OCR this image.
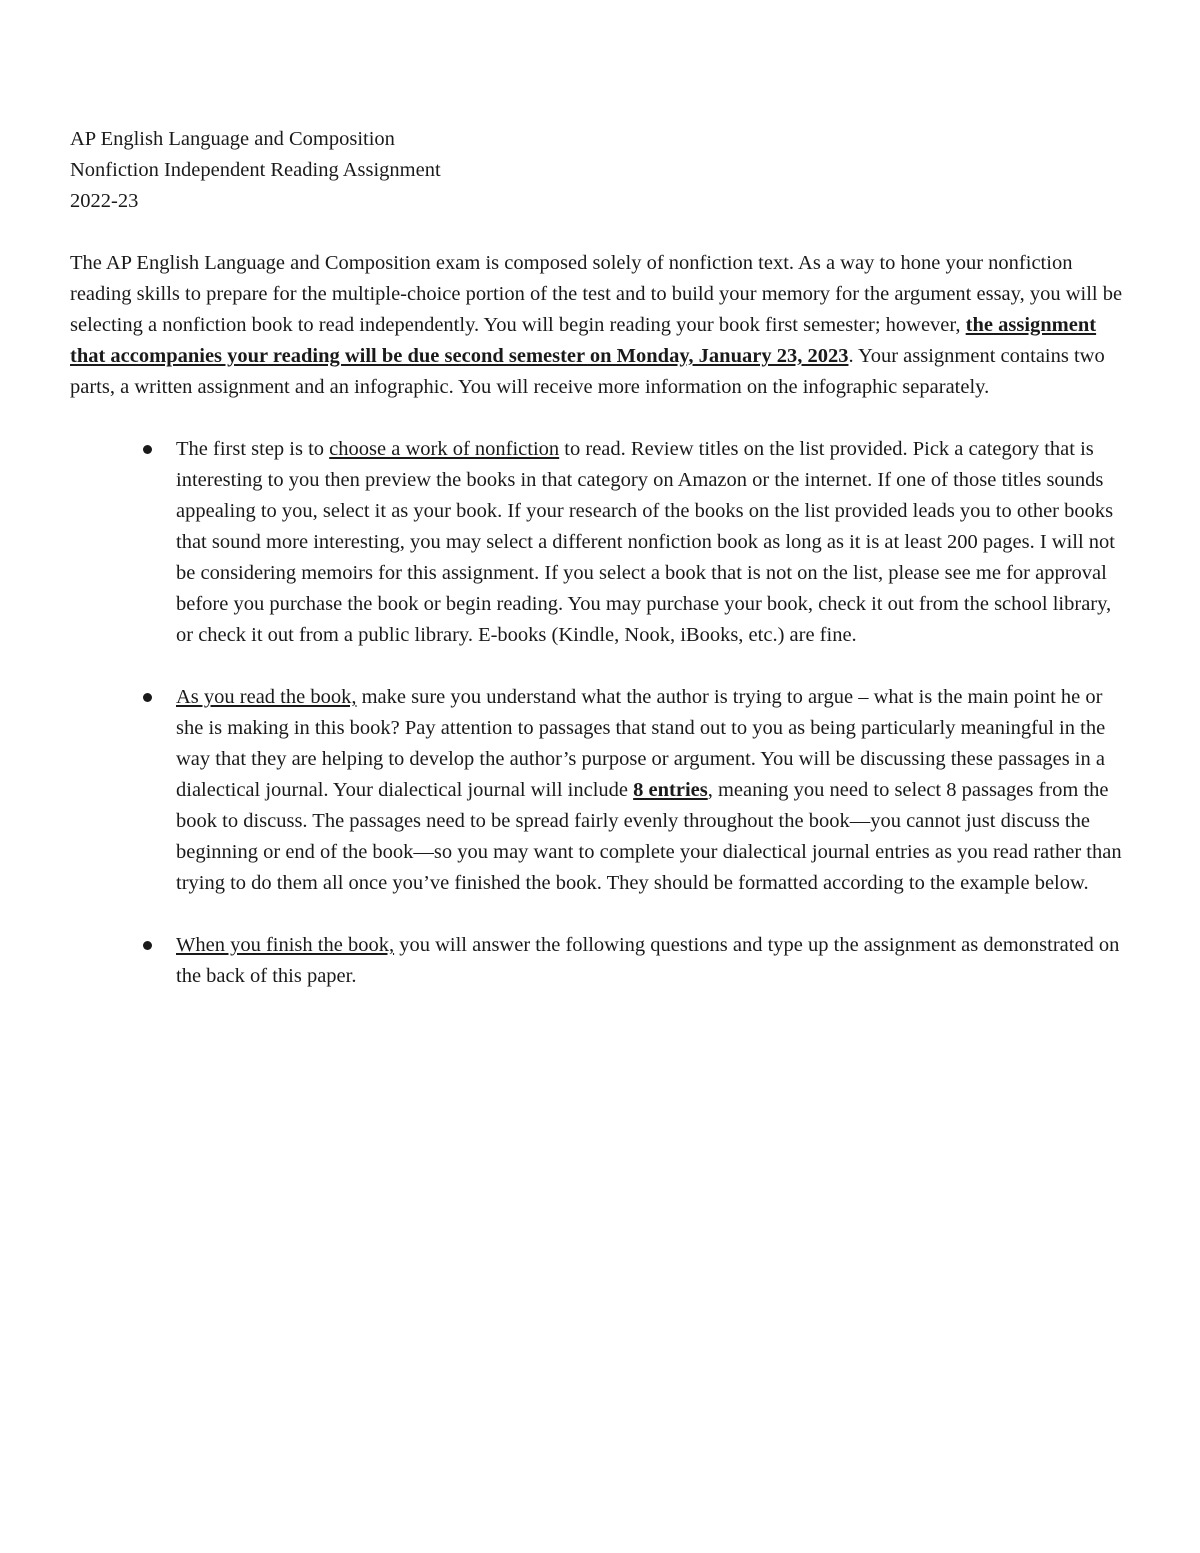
AP English Language and Composition
Nonfiction Independent Reading Assignment
2022-23

The AP English Language and Composition exam is composed solely of nonfiction text. As a way to hone your nonfiction reading skills to prepare for the multiple-choice portion of the test and to build your memory for the argument essay, you will be selecting a nonfiction book to read independently. You will begin reading your book first semester; however, the assignment that accompanies your reading will be due second semester on Monday, January 23, 2023. Your assignment contains two parts, a written assignment and an infographic. You will receive more information on the infographic separately.

The first step is to choose a work of nonfiction to read. Review titles on the list provided. Pick a category that is interesting to you then preview the books in that category on Amazon or the internet. If one of those titles sounds appealing to you, select it as your book. If your research of the books on the list provided leads you to other books that sound more interesting, you may select a different nonfiction book as long as it is at least 200 pages. I will not be considering memoirs for this assignment. If you select a book that is not on the list, please see me for approval before you purchase the book or begin reading. You may purchase your book, check it out from the school library, or check it out from a public library. E-books (Kindle, Nook, iBooks, etc.) are fine.
As you read the book, make sure you understand what the author is trying to argue – what is the main point he or she is making in this book? Pay attention to passages that stand out to you as being particularly meaningful in the way that they are helping to develop the author’s purpose or argument. You will be discussing these passages in a dialectical journal. Your dialectical journal will include 8 entries, meaning you need to select 8 passages from the book to discuss. The passages need to be spread fairly evenly throughout the book—you cannot just discuss the beginning or end of the book—so you may want to complete your dialectical journal entries as you read rather than trying to do them all once you’ve finished the book. They should be formatted according to the example below.
When you finish the book, you will answer the following questions and type up the assignment as demonstrated on the back of this paper.
